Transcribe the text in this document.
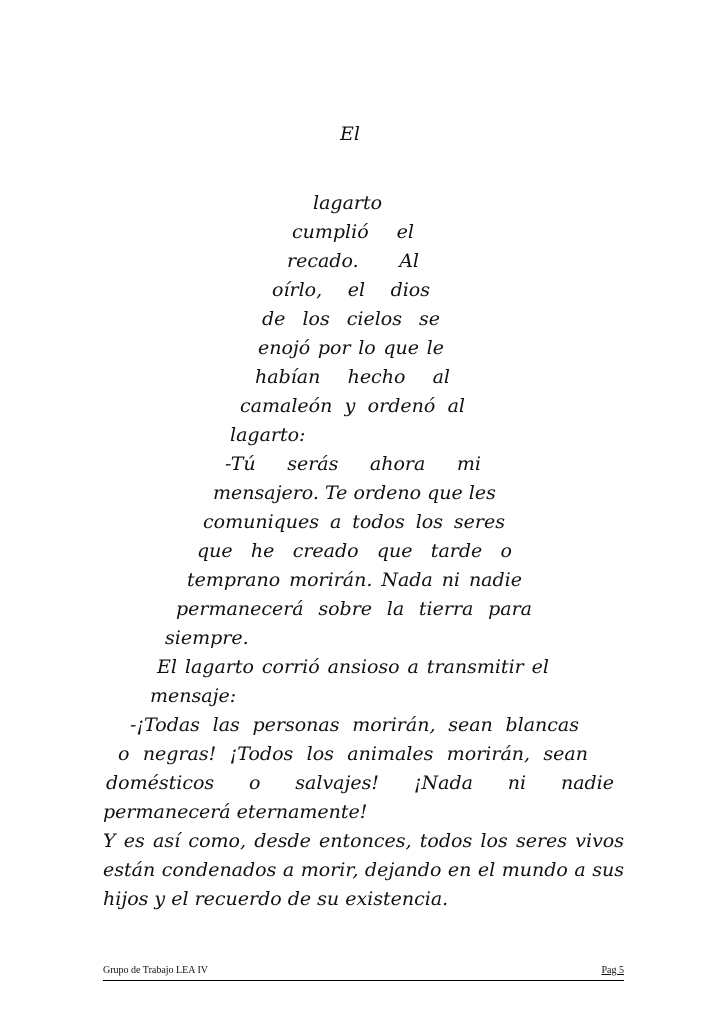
El
lagarto
cumplió el
recado. Al
oírlo, el dios
de los cielos se
enojó por lo que le
habían hecho al
camaleón y ordenó al
lagarto:
-Tú serás ahora mi
mensajero. Te ordeno que les
comuniques a todos los seres
que he creado que tarde o
temprano morirán. Nada ni nadie
permanecerá sobre la tierra para
siempre.
El lagarto corrió ansioso a transmitir el
mensaje:
-¡Todas las personas morirán, sean blancas
o negras! ¡Todos los animales morirán, sean
domésticos o salvajes! ¡Nada ni nadie
permanecerá eternamente!
Y es así como, desde entonces, todos los seres vivos
están condenados a morir, dejando en el mundo a sus
hijos y el recuerdo de su existencia.
Grupo de Trabajo LEA IV	Pag 5
